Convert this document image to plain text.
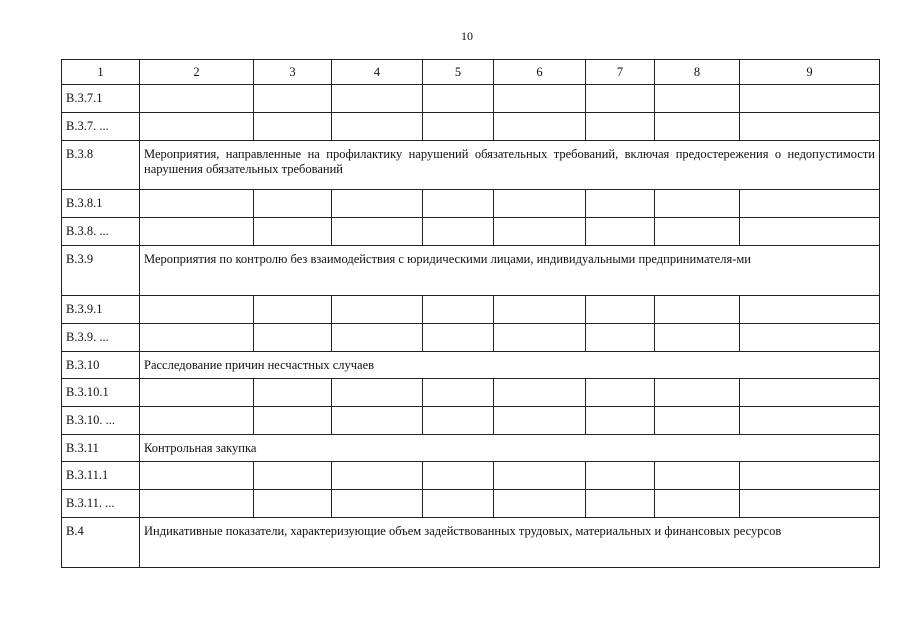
10
1	2	3	4	5	6	7	8	9
B.3.7.1								
B.3.7. ...								
B.3.8	Мероприятия, направленные на профилактику нарушений обязательных требований, включая предостережения о недопустимости нарушения обязательных требований							
B.3.8.1								
B.3.8. ...								
B.3.9	Мероприятия по контролю без взаимодействия с юридическими лицами, индивидуальными предпринимателя-ми							
B.3.9.1								
B.3.9. ...								
B.3.10	Расследование причин несчастных случаев							
B.3.10.1								
B.3.10. ...								
B.3.11	Контрольная закупка							
B.3.11.1								
B.3.11. ...								
B.4	Индикативные показатели, характеризующие объем задействованных трудовых, материальных и финансовых ресурсов							
